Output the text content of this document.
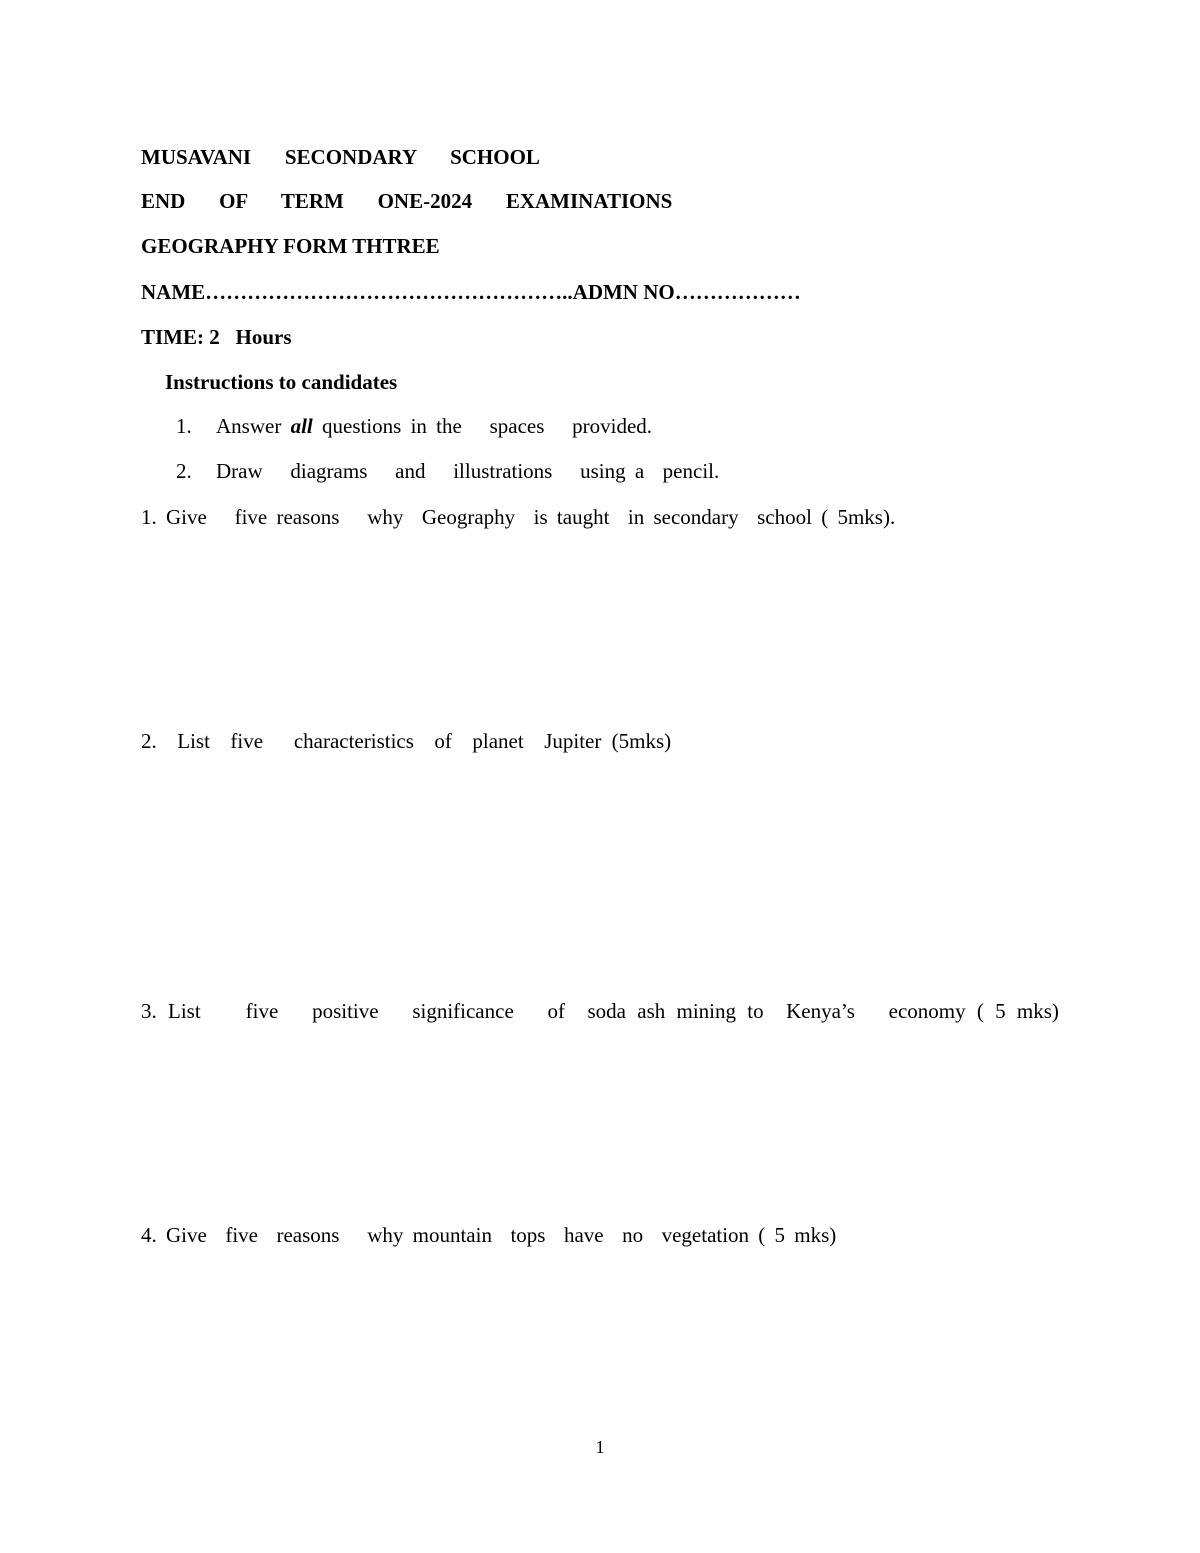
MUSAVANI   SECONDARY   SCHOOL
END   OF   TERM   ONE-2024   EXAMINATIONS
GEOGRAPHY FORM THTREE
NAME……………………………………………..ADMN NO………………
TIME: 2   Hours
Instructions to candidates
1. Answer all questions in the   spaces   provided.
2. Draw   diagrams   and   illustrations   using a  pencil.
1. Give   five reasons   why  Geography  is taught  in secondary  school ( 5mks).
2.  List  five   characteristics  of  planet  Jupiter (5mks)
3. List    five   positive   significance   of  soda ash mining to  Kenya’s   economy ( 5 mks)
4. Give  five  reasons   why mountain  tops  have  no  vegetation ( 5 mks)
1
